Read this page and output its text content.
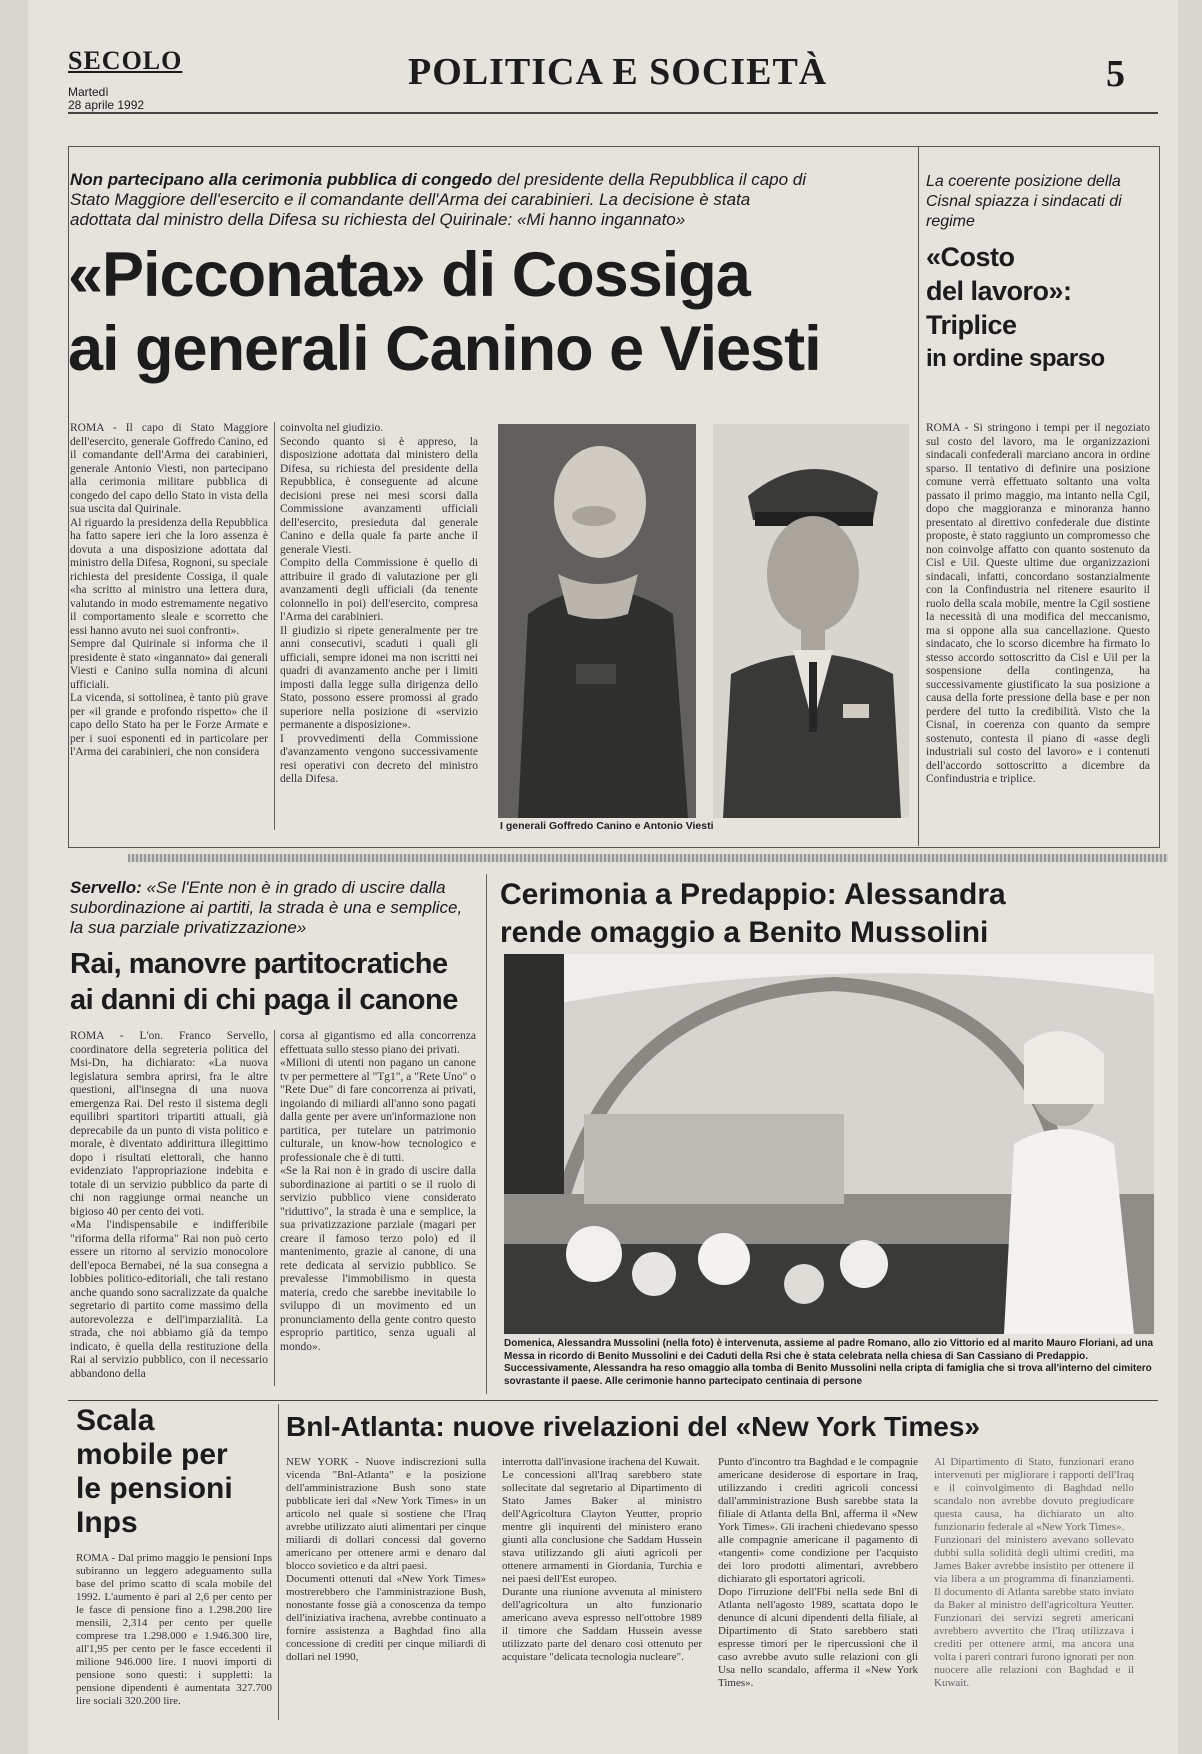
SECOLO
Martedì
28 aprile 1992
POLITICA E SOCIETÀ	5
Non partecipano alla cerimonia pubblica di congedo del presidente della Repubblica il capo di Stato Maggiore dell'esercito e il comandante dell'Arma dei carabinieri. La decisione è stata adottata dal ministro della Difesa su richiesta del Quirinale: «Mi hanno ingannato»
«Picconata» di Cossiga
ai generali Canino e Viesti
ROMA - Il capo di Stato Maggiore dell'esercito, generale Goffredo Canino, ed il comandante dell'Arma dei carabinieri, generale Antonio Viesti, non partecipano alla cerimonia militare pubblica di congedo del capo dello Stato in vista della sua uscita dal Quirinale.
Al riguardo la presidenza della Repubblica ha fatto sapere ieri che la loro assenza è dovuta a una disposizione adottata dal ministro della Difesa, Rognoni, su speciale richiesta del presidente Cossiga, il quale «ha scritto al ministro una lettera dura, valutando in modo estremamente negativo il comportamento sleale e scorretto che essi hanno avuto nei suoi confronti».
Sempre dal Quirinale si informa che il presidente è stato «ingannato» dai generali Viesti e Canino sulla nomina di alcuni ufficiali.
La vicenda, si sottolinea, è tanto più grave per «il grande e profondo rispetto» che il capo dello Stato ha per le Forze Armate e per i suoi esponenti ed in particolare per l'Arma dei carabinieri, che non considera
coinvolta nel giudizio.
Secondo quanto si è appreso, la disposizione adottata dal ministero della Difesa, su richiesta del presidente della Repubblica, è conseguente ad alcune decisioni prese nei mesi scorsi dalla Commissione avanzamenti ufficiali dell'esercito, presieduta dal generale Canino e della quale fa parte anche il generale Viesti.
Compito della Commissione è quello di attribuire il grado di valutazione per gli avanzamenti degli ufficiali (da tenente colonnello in poi) dell'esercito, compresa l'Arma dei carabinieri.
Il giudizio si ripete generalmente per tre anni consecutivi, scaduti i quali gli ufficiali, sempre idonei ma non iscritti nei quadri di avanzamento anche per i limiti imposti dalla legge sulla dirigenza dello Stato, possono essere promossi al grado superiore nella posizione di «servizio permanente a disposizione».
I provvedimenti della Commissione d'avanzamento vengono successivamente resi operativi con decreto del ministro della Difesa.
I generali Goffredo Canino e Antonio Viesti
La coerente posizione della Cisnal spiazza i sindacati di regime
«Costo
del lavoro»:
Triplice
in ordine sparso
ROMA - Si stringono i tempi per il negoziato sul costo del lavoro, ma le organizzazioni sindacali confederali marciano ancora in ordine sparso. Il tentativo di definire una posizione comune verrà effettuato soltanto una volta passato il primo maggio, ma intanto nella Cgil, dopo che maggioranza e minoranza hanno presentato al direttivo confederale due distinte proposte, è stato raggiunto un compromesso che non coinvolge affatto con quanto sostenuto da Cisl e Uil. Queste ultime due organizzazioni sindacali, infatti, concordano sostanzialmente con la Confindustria nel ritenere esaurito il ruolo della scala mobile, mentre la Cgil sostiene la necessità di una modifica del meccanismo, ma si oppone alla sua cancellazione. Questo sindacato, che lo scorso dicembre ha firmato lo stesso accordo sottoscritto da Cisl e Uil per la sospensione della contingenza, ha successivamente giustificato la sua posizione a causa della forte pressione della base e per non perdere del tutto la credibilità. Visto che la Cisnal, in coerenza con quanto da sempre sostenuto, contesta il piano di «asse degli industriali sul costo del lavoro» e i contenuti dell'accordo sottoscritto a dicembre da Confindustria e triplice.
Servello: «Se l'Ente non è in grado di uscire dalla subordinazione ai partiti, la strada è una e semplice, la sua parziale privatizzazione»
Rai, manovre partitocratiche
ai danni di chi paga il canone
ROMA - L'on. Franco Servello, coordinatore della segreteria politica del Msi-Dn, ha dichiarato: «La nuova legislatura sembra aprirsi, fra le altre questioni, all'insegna di una nuova emergenza Rai. Del resto il sistema degli equilibri spartitori tripartiti attuali, già deprecabile da un punto di vista politico e morale, è diventato addirittura illegittimo dopo i risultati elettorali, che hanno evidenziato l'appropriazione indebita e totale di un servizio pubblico da parte di chi non raggiunge ormai neanche un bigioso 40 per cento dei voti.
«Ma l'indispensabile e indifferibile "riforma della riforma" Rai non può certo essere un ritorno al servizio monocolore dell'epoca Bernabei, né la sua consegna a lobbies politico-editoriali, che tali restano anche quando sono sacralizzate da qualche segretario di partito come massimo della autorevolezza e dell'imparzialità. La strada, che noi abbiamo già da tempo indicato, è quella della restituzione della Rai al servizio pubblico, con il necessario abbandono della
corsa al gigantismo ed alla concorrenza effettuata sullo stesso piano dei privati.
«Milioni di utenti non pagano un canone tv per permettere al "Tg1", a "Rete Uno" o "Rete Due" di fare concorrenza ai privati, ingoiando di miliardi all'anno sono pagati dalla gente per avere un'informazione non partitica, per tutelare un patrimonio culturale, un know-how tecnologico e professionale che è di tutti.
«Se la Rai non è in grado di uscire dalla subordinazione ai partiti o se il ruolo di servizio pubblico viene considerato "riduttivo", la strada è una e semplice, la sua privatizzazione parziale (magari per creare il famoso terzo polo) ed il mantenimento, grazie al canone, di una rete dedicata al servizio pubblico. Se prevalesse l'immobilismo in questa materia, credo che sarebbe inevitabile lo sviluppo di un movimento ed un pronunciamento della gente contro questo esproprio partitico, senza uguali al mondo».
Cerimonia a Predappio: Alessandra
rende omaggio a Benito Mussolini
Domenica, Alessandra Mussolini (nella foto) è intervenuta, assieme al padre Romano, allo zio Vittorio ed al marito Mauro Floriani, ad una Messa in ricordo di Benito Mussolini e dei Caduti della Rsi che è stata celebrata nella chiesa di San Cassiano di Predappio. Successivamente, Alessandra ha reso omaggio alla tomba di Benito Mussolini nella cripta di famiglia che si trova all'interno del cimitero sovrastante il paese. Alle cerimonie hanno partecipato centinaia di persone
Scala
mobile per
le pensioni
Inps
ROMA - Dal primo maggio le pensioni Inps subiranno un leggero adeguamento sulla base del primo scatto di scala mobile del 1992. L'aumento è pari al 2,6 per cento per le fasce di pensione fino a 1.298.200 lire mensili, 2,314 per cento per quelle comprese tra 1.298.000 e 1.946.300 lire, all'1,95 per cento per le fasce eccedenti il milione 946.000 lire. I nuovi importi di pensione sono questi: i suppletti: la pensione dipendenti è aumentata 327.700 lire sociali 320.200 lire.
Bnl-Atlanta: nuove rivelazioni del «New York Times»
NEW YORK - Nuove indiscrezioni sulla vicenda "Bnl-Atlanta" e la posizione dell'amministrazione Bush sono state pubblicate ieri dal «New York Times» in un articolo nel quale si sostiene che l'Iraq avrebbe utilizzato aiuti alimentari per cinque miliardi di dollari concessi dal governo americano per ottenere armi e denaro dal blocco sovietico e da altri paesi.
Documenti ottenuti dal «New York Times» mostrerebbero che l'amministrazione Bush, nonostante fosse già a conoscenza da tempo dell'iniziativa irachena, avrebbe continuato a fornire assistenza a Baghdad fino alla concessione di crediti per cinque miliardi di dollari nel 1990,
interrotta dall'invasione irachena del Kuwait.
Le concessioni all'Iraq sarebbero state sollecitate dal segretario al Dipartimento di Stato James Baker al ministro dell'Agricoltura Clayton Yeutter, proprio mentre gli inquirenti del ministero erano giunti alla conclusione che Saddam Hussein stava utilizzando gli aiuti agricoli per ottenere armamenti in Giordania, Turchia e nei paesi dell'Est europeo.
Durante una riunione avvenuta al ministero dell'agricoltura un alto funzionario americano aveva espresso nell'ottobre 1989 il timore che Saddam Hussein avesse utilizzato parte del denaro così ottenuto per acquistare "delicata tecnologia nucleare".
Punto d'incontro tra Baghdad e le compagnie americane desiderose di esportare in Iraq, utilizzando i crediti agricoli concessi dall'amministrazione Bush sarebbe stata la filiale di Atlanta della Bnl, afferma il «New York Times». Gli iracheni chiedevano spesso alle compagnie americane il pagamento di «tangenti» come condizione per l'acquisto dei loro prodotti alimentari, avrebbero dichiarato gli esportatori agricoli.
Dopo l'irruzione dell'Fbi nella sede Bnl di Atlanta nell'agosto 1989, scattata dopo le denunce di alcuni dipendenti della filiale, al Dipartimento di Stato sarebbero stati espresse timori per le ripercussioni che il caso avrebbe avuto sulle relazioni con gli Usa nello scandalo, afferma il «New York Times».
Al Dipartimento di Stato, funzionari erano intervenuti per migliorare i rapporti dell'Iraq e il coinvolgimento di Baghdad nello scandalo non avrebbe dovuto pregiudicare questa causa, ha dichiarato un alto funzionario federale al «New York Times».
Funzionari del ministero avevano sollevato dubbi sulla solidità degli ultimi crediti, ma James Baker avrebbe insistito per ottenere il via libera a un programma di finanziamenti. Il documento di Atlanta sarebbe stato inviato da Baker al ministro dell'agricoltura Yeutter. Funzionari dei servizi segreti americani avrebbero avvertito che l'Iraq utilizzava i crediti per ottenere armi, ma ancora una volta i pareri contrari furono ignorati per non nuocere alle relazioni con Baghdad e il Kuwait.
